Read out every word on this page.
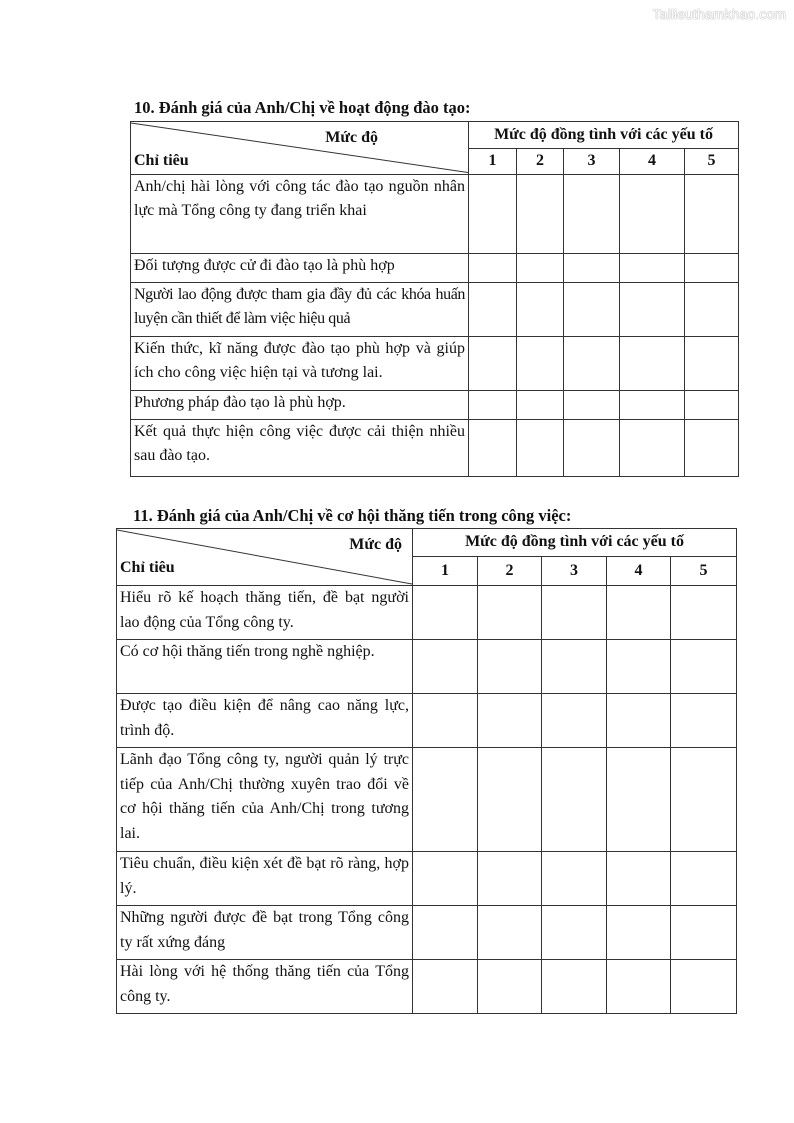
Tailieuthamkhao.com
10. Đánh giá của Anh/Chị về hoạt động đào tạo:
Mức độ
Chỉ tiêu	Mức độ đồng tình với các yếu tố				
	1	2	3	4	5
Anh/chị hài lòng với công tác đào tạo nguồn nhân lực mà Tổng công ty đang triển khai					
Đối tượng được cử đi đào tạo là phù hợp					
Người lao động được tham gia đầy đủ các khóa huấn luyện cần thiết để làm việc hiệu quả					
Kiến thức, kĩ năng được đào tạo phù hợp và giúp ích cho công việc hiện tại và tương lai.					
Phương pháp đào tạo là phù hợp.					
Kết quả thực hiện công việc được cải thiện nhiều sau đào tạo.					
11. Đánh giá của Anh/Chị về cơ hội thăng tiến trong công việc:
Mức độ
Chỉ tiêu	Mức độ đồng tình với các yếu tố				
	1	2	3	4	5
Hiểu rõ kế hoạch thăng tiến, đề bạt người lao động của Tổng công ty.					
Có cơ hội thăng tiến trong nghề nghiệp.					
Được tạo điều kiện để nâng cao năng lực, trình độ.					
Lãnh đạo Tổng công ty, người quản lý trực tiếp của Anh/Chị thường xuyên trao đổi về cơ hội thăng tiến của Anh/Chị trong tương lai.					
Tiêu chuẩn, điều kiện xét đề bạt rõ ràng, hợp lý.					
Những người được đề bạt trong Tổng công ty rất xứng đáng					
Hài lòng với hệ thống thăng tiến của Tổng công ty.					
